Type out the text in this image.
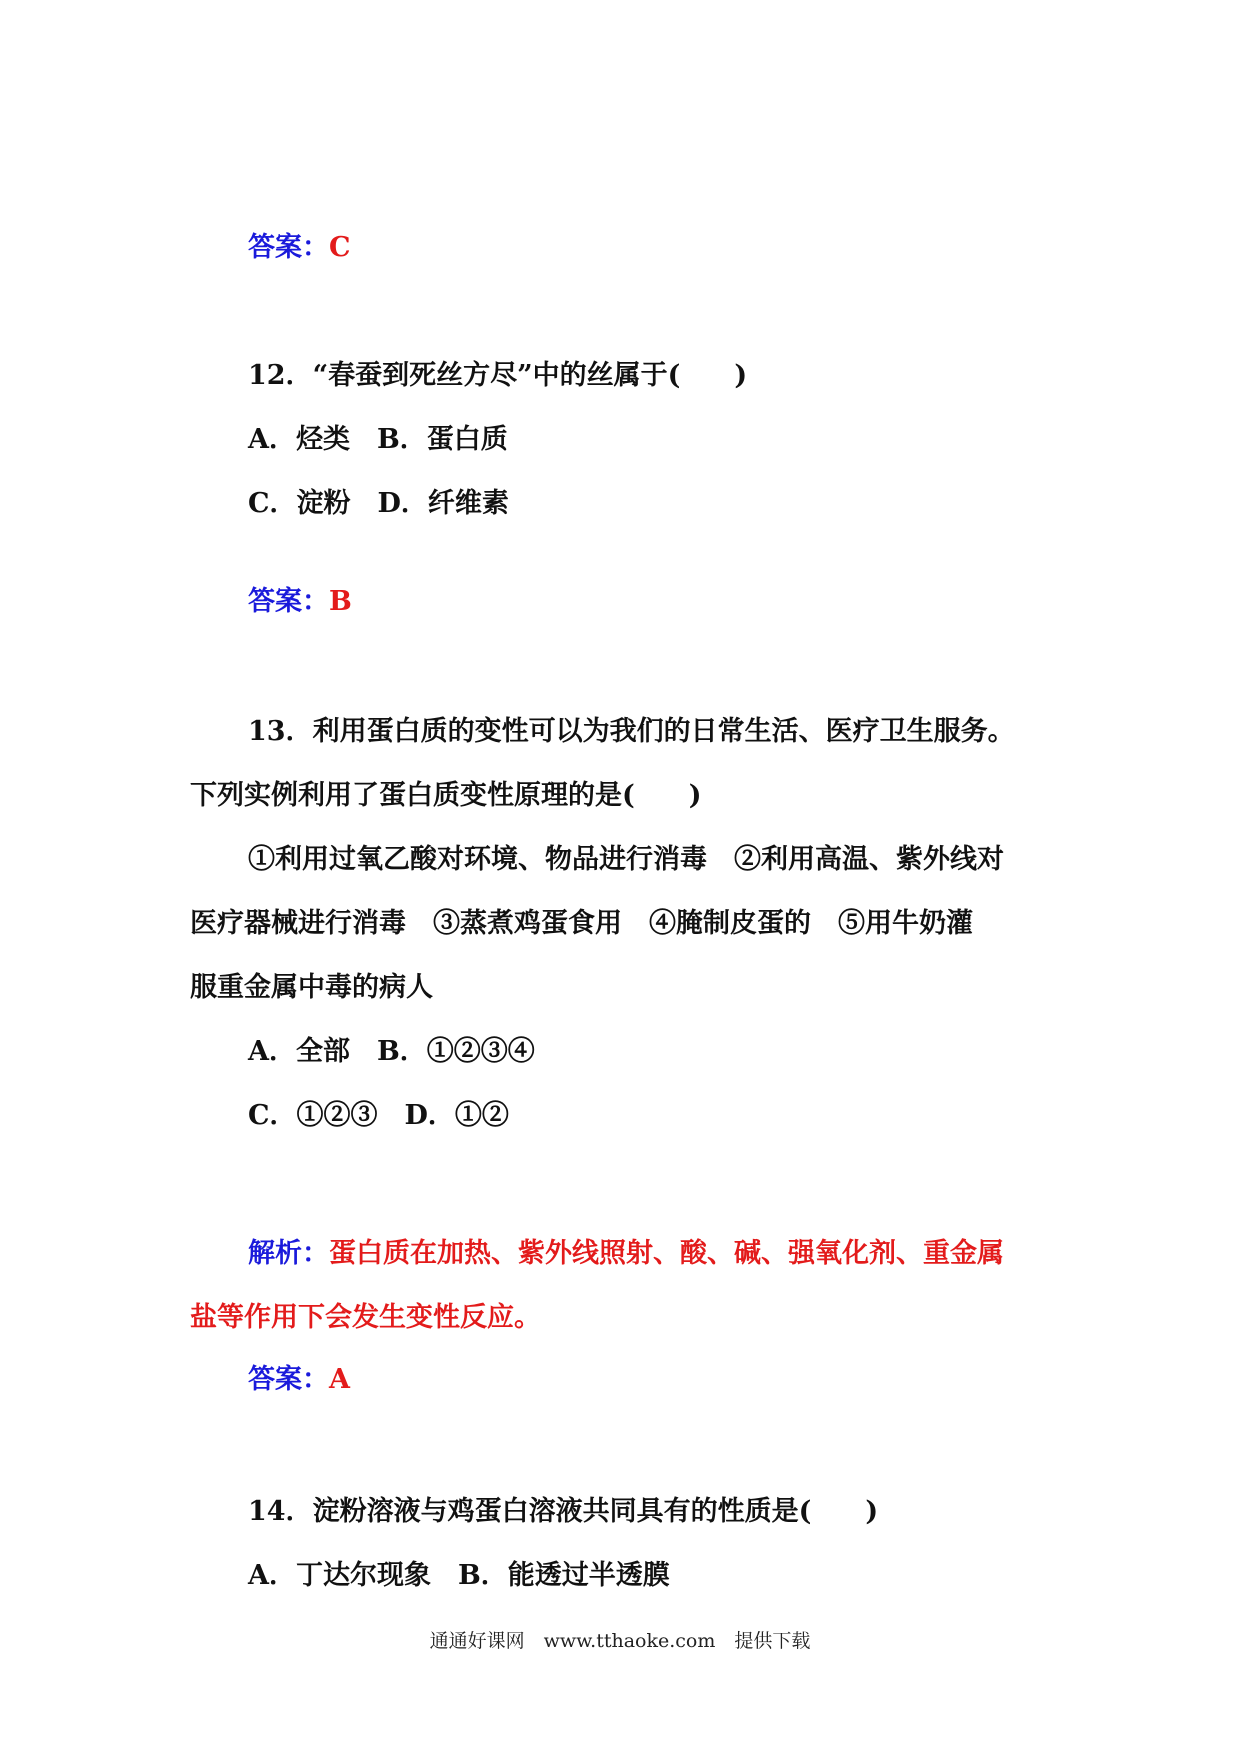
答案：C
12．“春蚕到死丝方尽”中的丝属于(　　)
A．烃类　B．蛋白质
C．淀粉　D．纤维素
答案：B
13．利用蛋白质的变性可以为我们的日常生活、医疗卫生服务。
下列实例利用了蛋白质变性原理的是(　　)
①利用过氧乙酸对环境、物品进行消毒　②利用高温、紫外线对
医疗器械进行消毒　③蒸煮鸡蛋食用　④腌制皮蛋的　⑤用牛奶灌
服重金属中毒的病人
A．全部　B．①②③④
C．①②③　D．①②
解析：蛋白质在加热、紫外线照射、酸、碱、强氧化剂、重金属
盐等作用下会发生变性反应。
答案：A
14．淀粉溶液与鸡蛋白溶液共同具有的性质是(　　)
A．丁达尔现象　B．能透过半透膜
通通好课网　www.tthaoke.com　提供下载
